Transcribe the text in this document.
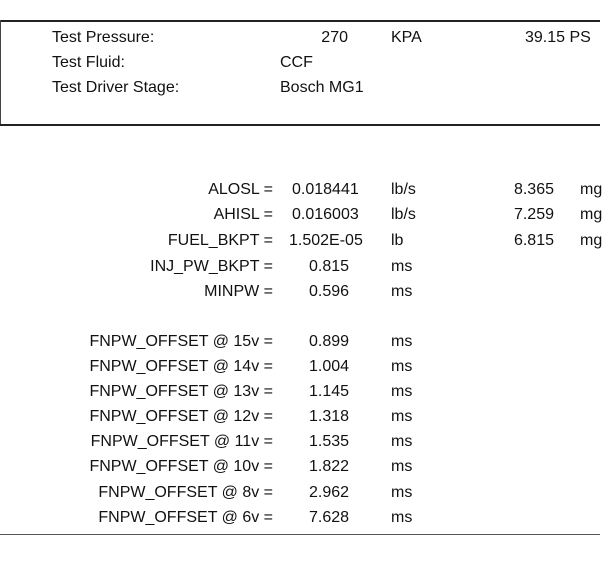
Test Pressure:	270	KPA	39.15 PS
Test Fluid:	CCF
Test Driver Stage:	Bosch MG1
ALOSL = 0.018441 lb/s	8.365 mg
AHISL = 0.016003 lb/s	7.259 mg
FUEL_BKPT = 1.502E-05 lb	6.815 mg
INJ_PW_BKPT = 0.815	ms
MINPW = 0.596	ms
FNPW_OFFSET @ 15v = 0.899	ms
FNPW_OFFSET @ 14v = 1.004	ms
FNPW_OFFSET @ 13v = 1.145	ms
FNPW_OFFSET @ 12v = 1.318	ms
FNPW_OFFSET @ 11v = 1.535	ms
FNPW_OFFSET @ 10v = 1.822	ms
FNPW_OFFSET @ 8v = 2.962	ms
FNPW_OFFSET @ 6v = 7.628	ms
